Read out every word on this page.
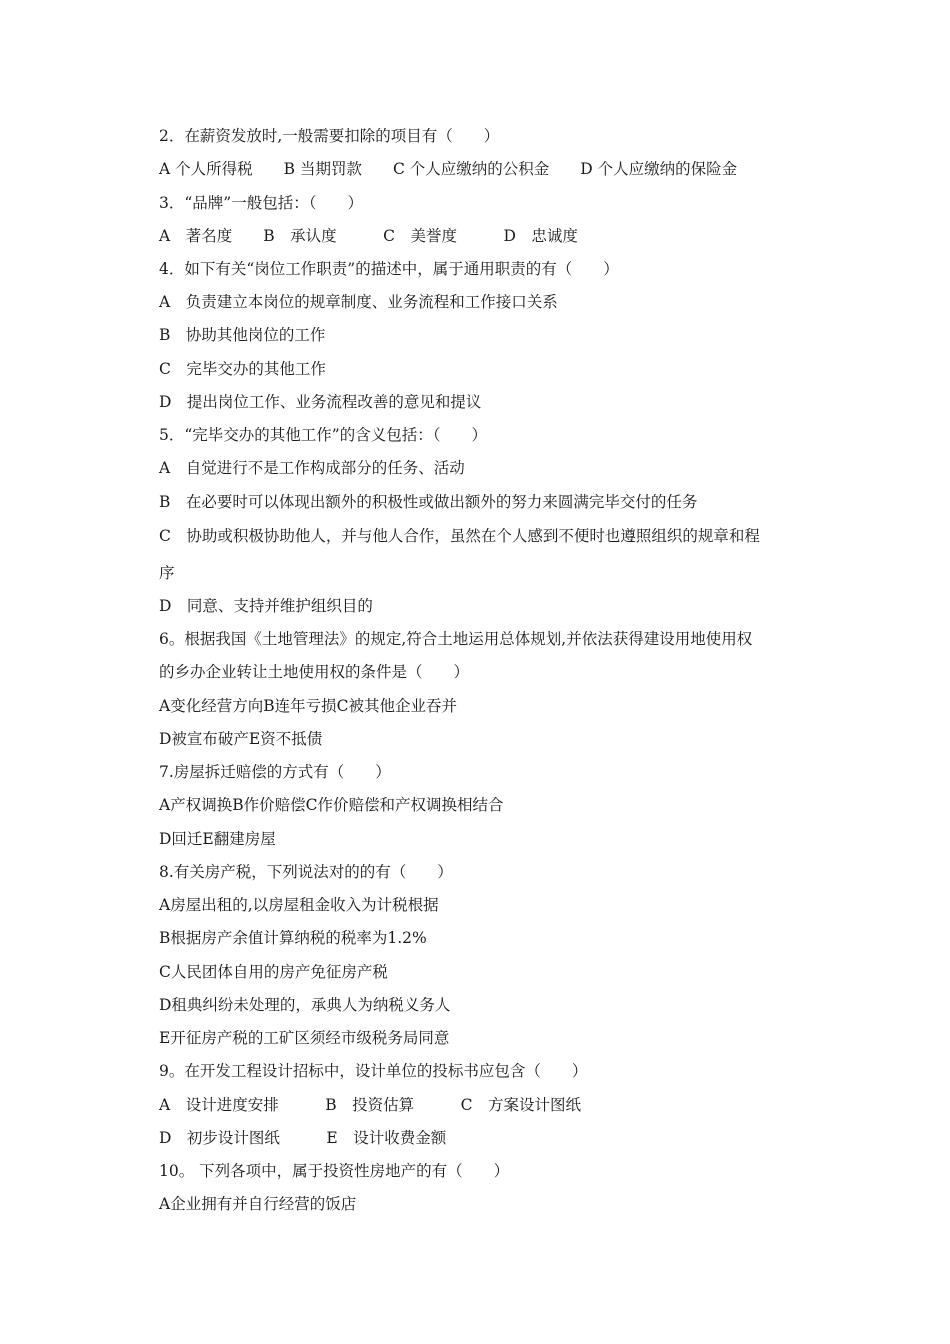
2．在薪资发放时,一般需要扣除的项目有（　　）
A 个人所得税　　B 当期罚款　　C 个人应缴纳的公积金　　D 个人应缴纳的保险金
3．“品牌”一般包括：（　　）
A　著名度　　B　承认度　　　C　美誉度　　　D　忠诚度
4．如下有关“岗位工作职责”的描述中，属于通用职责的有（　　）
A　负责建立本岗位的规章制度、业务流程和工作接口关系
B　协助其他岗位的工作
C　完毕交办的其他工作
D　提出岗位工作、业务流程改善的意见和提议
5．“完毕交办的其他工作”的含义包括：（　　）
A　自觉进行不是工作构成部分的任务、活动
B　在必要时可以体现出额外的积极性或做出额外的努力来圆满完毕交付的任务
C　协助或积极协助他人，并与他人合作，虽然在个人感到不便时也遵照组织的规章和程
序
D　同意、支持并维护组织目的
6。根据我国《土地管理法》的规定,符合土地运用总体规划,并依法获得建设用地使用权
的乡办企业转让土地使用权的条件是（　　）
A变化经营方向B连年亏损C被其他企业吞并
D被宣布破产E资不抵债
7.房屋拆迁赔偿的方式有（　　）
A产权调换B作价赔偿C作价赔偿和产权调换相结合
D回迁E翻建房屋
8.有关房产税，下列说法对的的有（　　）
A房屋出租的,以房屋租金收入为计税根据
B根据房产余值计算纳税的税率为1.2%
C人民团体自用的房产免征房产税
D租典纠纷未处理的，承典人为纳税义务人
E开征房产税的工矿区须经市级税务局同意
9。在开发工程设计招标中，设计单位的投标书应包含（　　）
A　设计进度安排　　　B　投资估算　　　C　方案设计图纸
D　初步设计图纸　　　E　设计收费金额
10。 下列各项中，属于投资性房地产的有（　　）
A企业拥有并自行经营的饭店
